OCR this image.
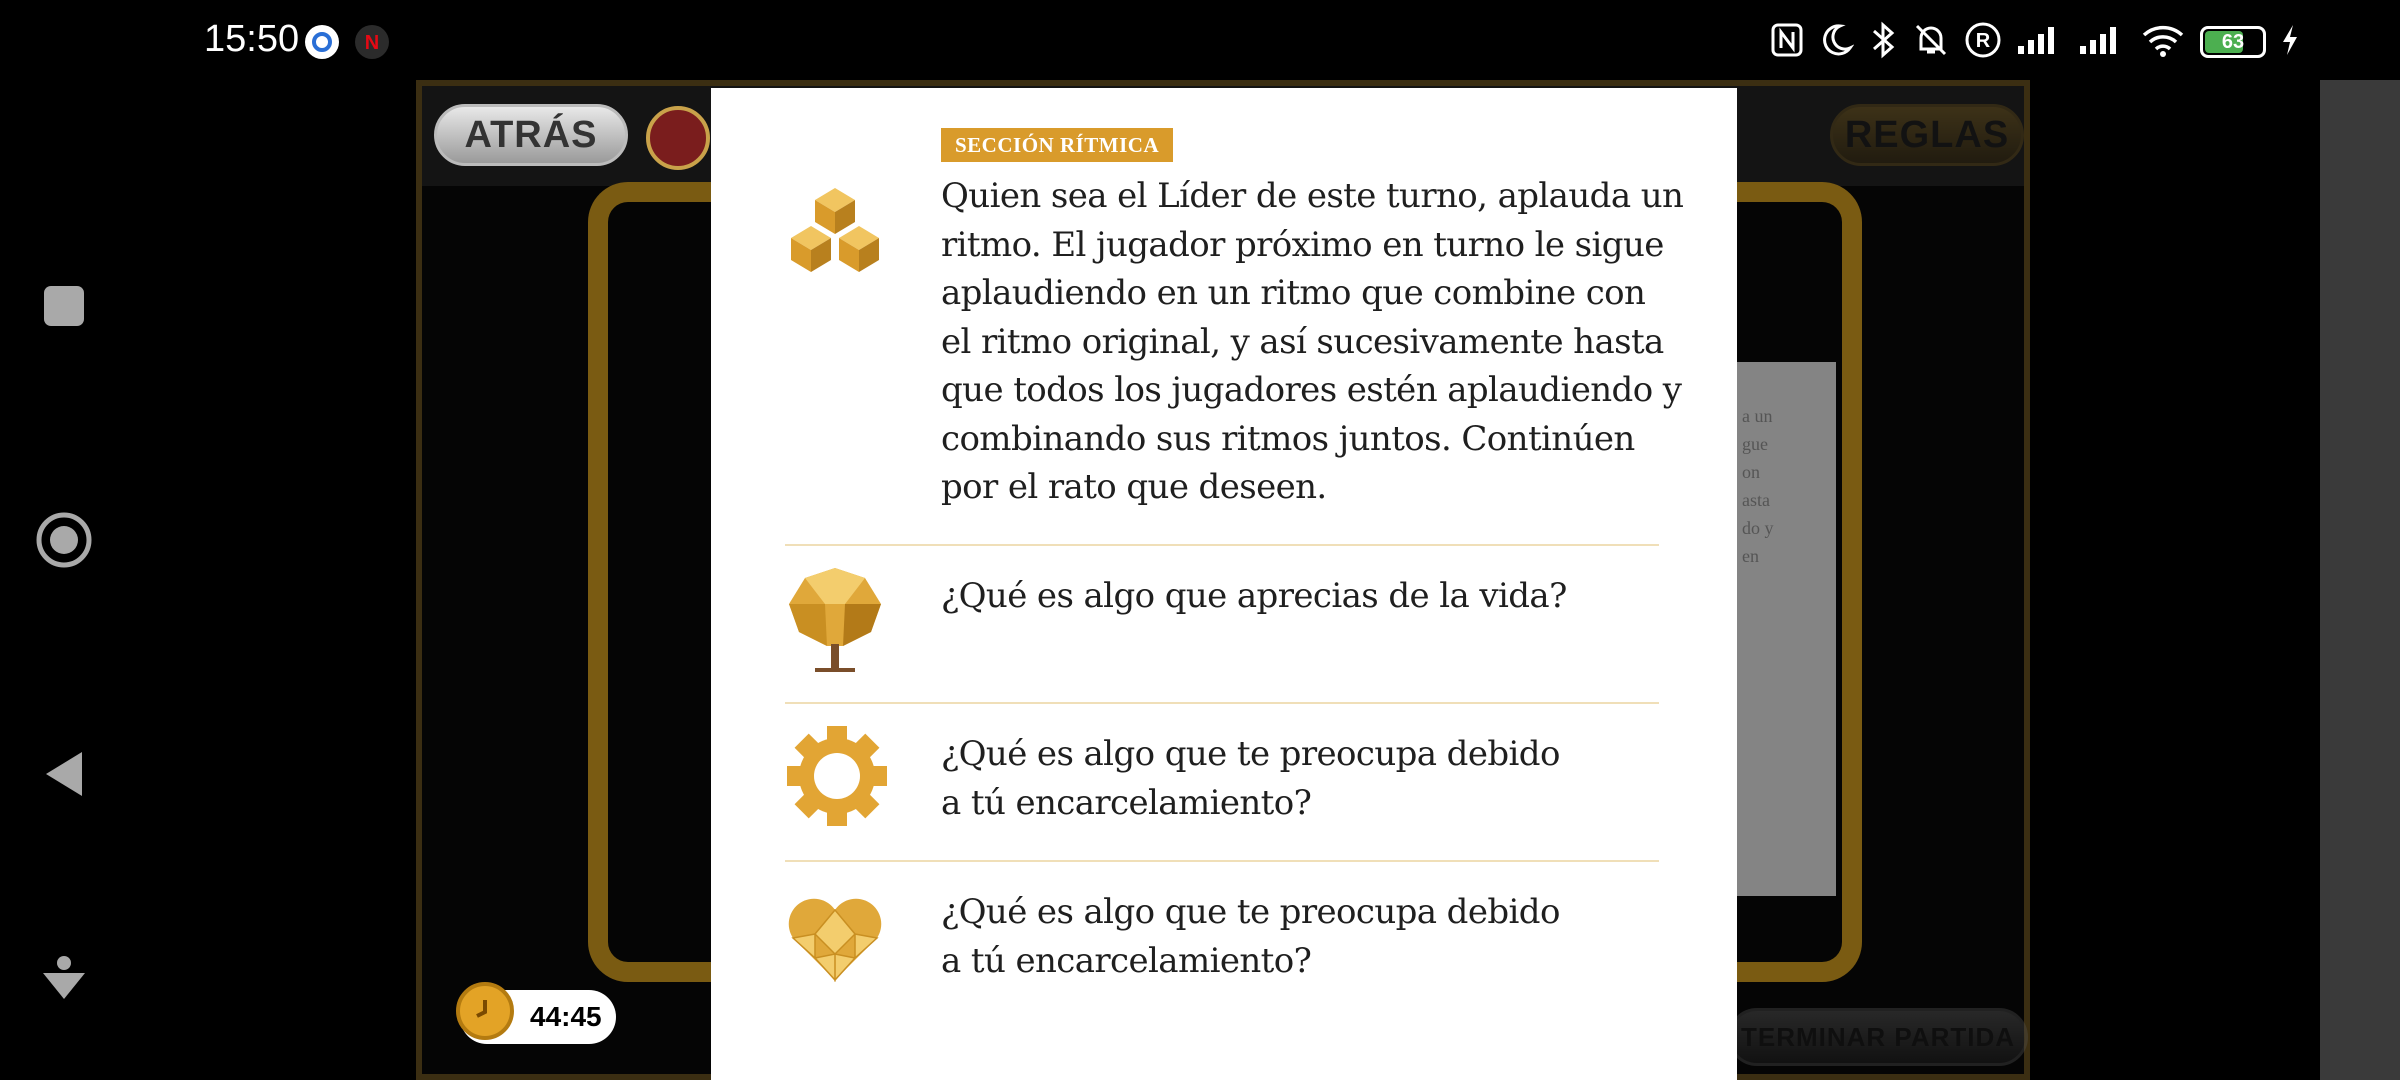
15:50	N	R	63
ATRÁS	REGLAS
a un
gue
on
asta
do y
en
TERMINAR PARTIDA
44:45
SECCIÓN RÍTMICA
Quien sea el Líder de este turno, aplauda un
ritmo. El jugador próximo en turno le sigue
aplaudiendo en un ritmo que combine con
el ritmo original, y así sucesivamente hasta
que todos los jugadores estén aplaudiendo y
combinando sus ritmos juntos. Continúen
por el rato que deseen.
¿Qué es algo que aprecias de la vida?
¿Qué es algo que te preocupa debido
a tú encarcelamiento?
¿Qué es algo que te preocupa debido
a tú encarcelamiento?
